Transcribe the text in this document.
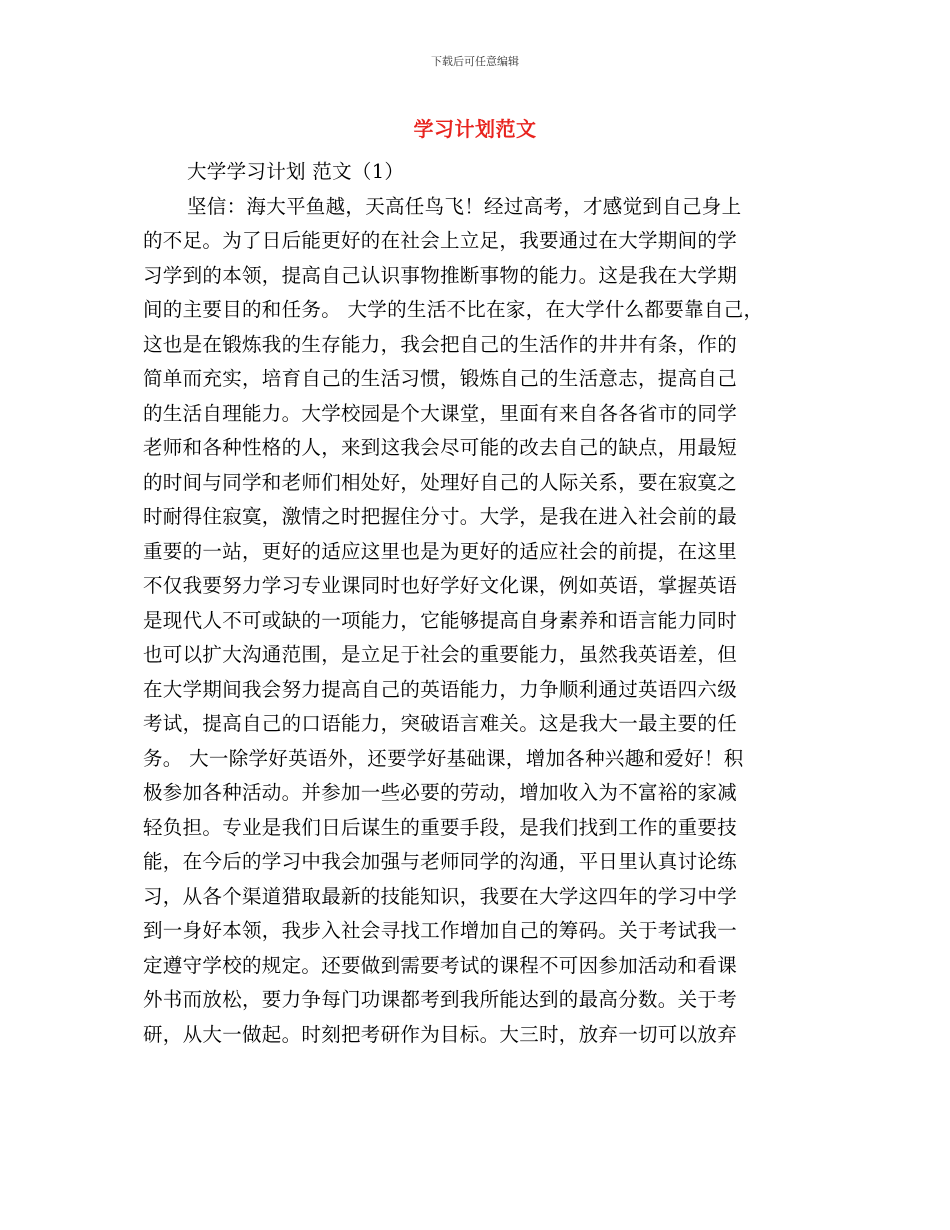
下载后可任意编辑
学习计划范文
大学学习计划 范文（1）
坚信：海大平鱼越，天高任鸟飞！经过高考，才感觉到自己身上
的不足。为了日后能更好的在社会上立足，我要通过在大学期间的学
习学到的本领，提高自己认识事物推断事物的能力。这是我在大学期
间的主要目的和任务。 大学的生活不比在家，在大学什么都要靠自己，
这也是在锻炼我的生存能力，我会把自己的生活作的井井有条，作的
简单而充实，培育自己的生活习惯，锻炼自己的生活意志，提高自己
的生活自理能力。大学校园是个大课堂，里面有来自各各省市的同学
老师和各种性格的人，来到这我会尽可能的改去自己的缺点，用最短
的时间与同学和老师们相处好，处理好自己的人际关系，要在寂寞之
时耐得住寂寞，激情之时把握住分寸。大学，是我在进入社会前的最
重要的一站，更好的适应这里也是为更好的适应社会的前提，在这里
不仅我要努力学习专业课同时也好学好文化课，例如英语，掌握英语
是现代人不可或缺的一项能力，它能够提高自身素养和语言能力同时
也可以扩大沟通范围，是立足于社会的重要能力，虽然我英语差，但
在大学期间我会努力提高自己的英语能力，力争顺利通过英语四六级
考试，提高自己的口语能力，突破语言难关。这是我大一最主要的任
务。 大一除学好英语外，还要学好基础课，增加各种兴趣和爱好！积
极参加各种活动。并参加一些必要的劳动，增加收入为不富裕的家减
轻负担。专业是我们日后谋生的重要手段，是我们找到工作的重要技
能，在今后的学习中我会加强与老师同学的沟通，平日里认真讨论练
习，从各个渠道猎取最新的技能知识，我要在大学这四年的学习中学
到一身好本领，我步入社会寻找工作增加自己的筹码。关于考试我一
定遵守学校的规定。还要做到需要考试的课程不可因参加活动和看课
外书而放松，要力争每门功课都考到我所能达到的最高分数。关于考
研，从大一做起。时刻把考研作为目标。大三时，放弃一切可以放弃
